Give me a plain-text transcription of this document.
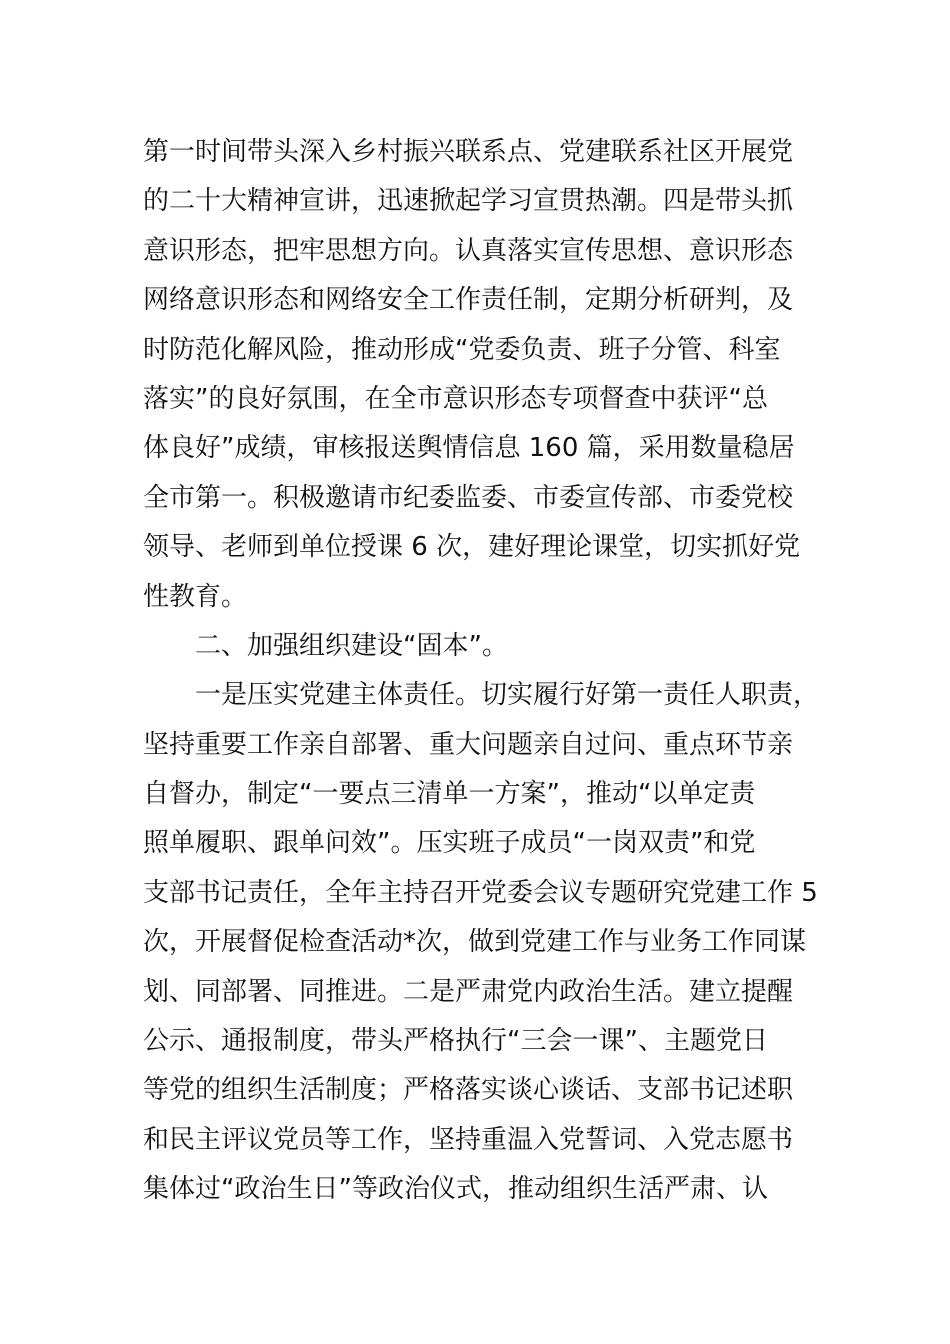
第一时间带头深入乡村振兴联系点、党建联系社区开展党
的二十大精神宣讲，迅速掀起学习宣贯热潮。四是带头抓
意识形态，把牢思想方向。认真落实宣传思想、意识形态
网络意识形态和网络安全工作责任制，定期分析研判，及
时防范化解风险，推动形成“党委负责、班子分管、科室
落实”的良好氛围，在全市意识形态专项督查中获评“总
体良好”成绩，审核报送舆情信息 160 篇，采用数量稳居
全市第一。积极邀请市纪委监委、市委宣传部、市委党校
领导、老师到单位授课 6 次，建好理论课堂，切实抓好党
性教育。
二、加强组织建设“固本”。
一是压实党建主体责任。切实履行好第一责任人职责，
坚持重要工作亲自部署、重大问题亲自过问、重点环节亲
自督办，制定“一要点三清单一方案”，推动“以单定责
照单履职、跟单问效”。压实班子成员“一岗双责”和党
支部书记责任，全年主持召开党委会议专题研究党建工作 5
次，开展督促检查活动*次，做到党建工作与业务工作同谋
划、同部署、同推进。二是严肃党内政治生活。建立提醒
公示、通报制度，带头严格执行“三会一课”、主题党日
等党的组织生活制度；严格落实谈心谈话、支部书记述职
和民主评议党员等工作，坚持重温入党誓词、入党志愿书
集体过“政治生日”等政治仪式，推动组织生活严肃、认
